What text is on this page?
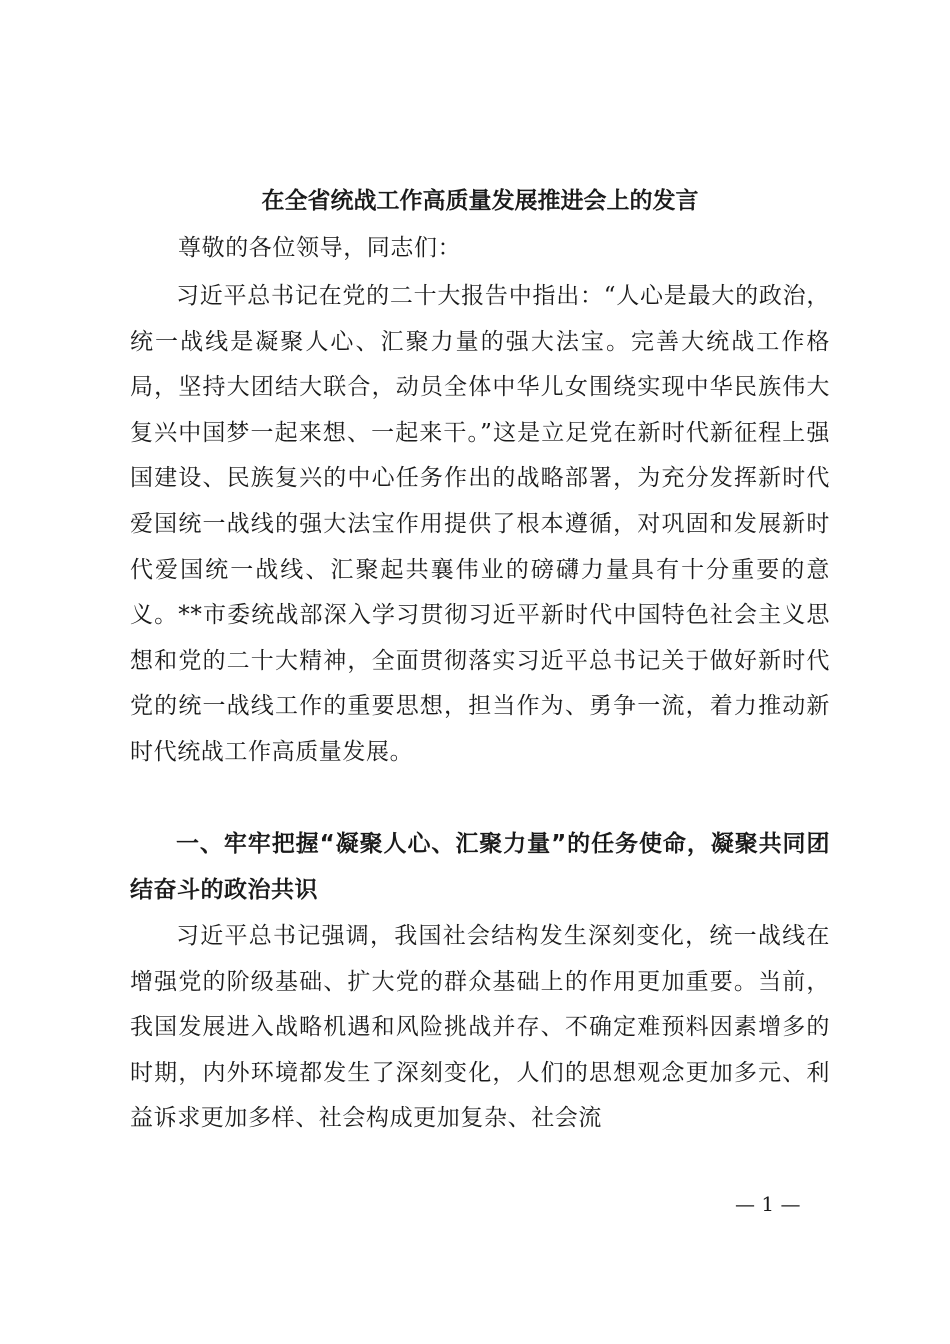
在全省统战工作高质量发展推进会上的发言
尊敬的各位领导，同志们：

习近平总书记在党的二十大报告中指出：“人心是最大的政治，统一战线是凝聚人心、汇聚力量的强大法宝。完善大统战工作格局，坚持大团结大联合，动员全体中华儿女围绕实现中华民族伟大复兴中国梦一起来想、一起来干。”这是立足党在新时代新征程上强国建设、民族复兴的中心任务作出的战略部署，为充分发挥新时代爱国统一战线的强大法宝作用提供了根本遵循，对巩固和发展新时代爱国统一战线、汇聚起共襄伟业的磅礴力量具有十分重要的意义。**市委统战部深入学习贯彻习近平新时代中国特色社会主义思想和党的二十大精神，全面贯彻落实习近平总书记关于做好新时代党的统一战线工作的重要思想，担当作为、勇争一流，着力推动新时代统战工作高质量发展。

一、牢牢把握“凝聚人心、汇聚力量”的任务使命，凝聚共同团结奋斗的政治共识

习近平总书记强调，我国社会结构发生深刻变化，统一战线在增强党的阶级基础、扩大党的群众基础上的作用更加重要。当前，我国发展进入战略机遇和风险挑战并存、不确定难预料因素增多的时期，内外环境都发生了深刻变化，人们的思想观念更加多元、利益诉求更加多样、社会构成更加复杂、社会流

— 1 —
